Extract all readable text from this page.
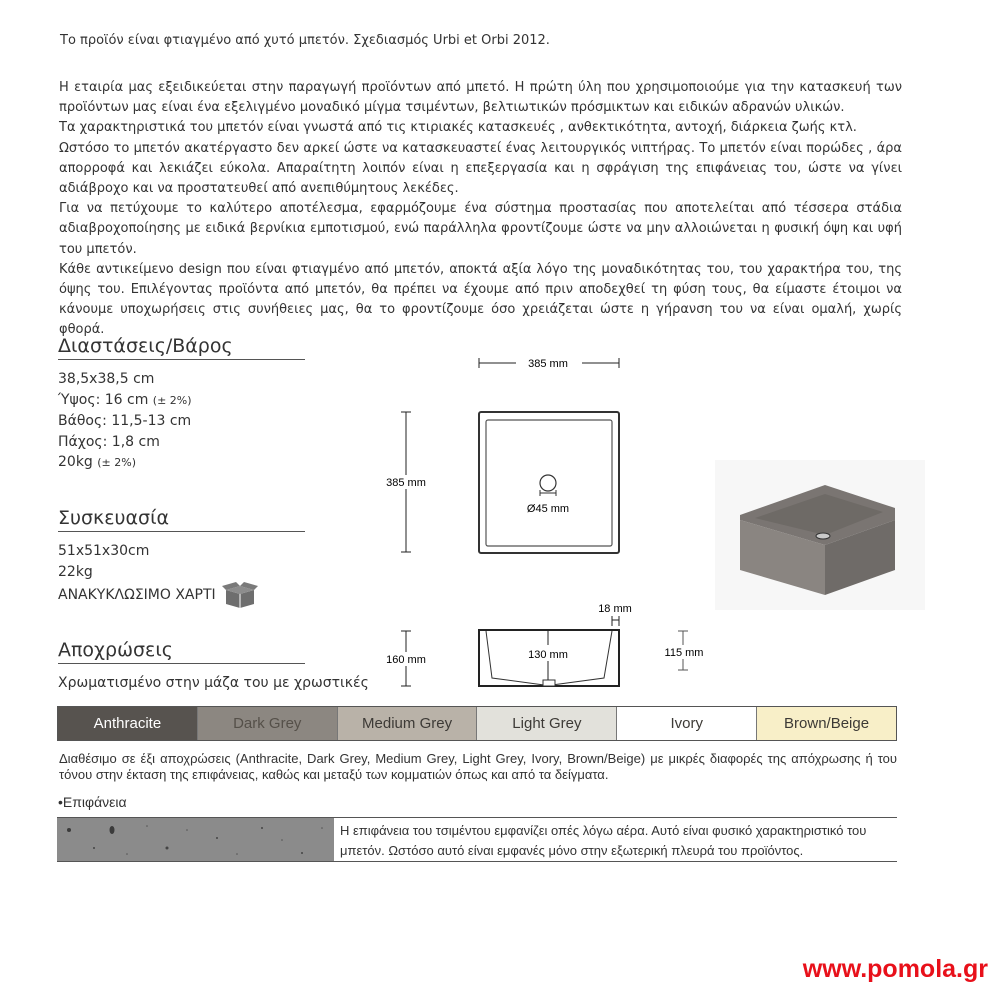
Το προϊόν είναι φτιαγμένο από χυτό μπετόν. Σχεδιασμός Urbi et Orbi 2012.

Η εταιρία μας εξειδικεύεται στην παραγωγή προϊόντων από μπετό. Η πρώτη ύλη που χρησιμοποιούμε για την κατασκευή των προϊόντων μας είναι ένα εξελιγμένο μοναδικό μίγμα τσιμέντων, βελτιωτικών πρόσμικτων και ειδικών αδρανών υλικών.

Τα χαρακτηριστικά του μπετόν είναι γνωστά από τις κτιριακές κατασκευές , ανθεκτικότητα, αντοχή, διάρκεια ζωής κτλ.

Ωστόσο το μπετόν ακατέργαστο δεν αρκεί ώστε να κατασκευαστεί ένας λειτουργικός νιπτήρας. Το μπετόν είναι πορώδες , άρα απορροφά και λεκιάζει εύκολα. Απαραίτητη λοιπόν είναι η επεξεργασία και η σφράγιση της επιφάνειας του, ώστε να γίνει αδιάβροχο και να προστατευθεί από ανεπιθύμητους λεκέδες.

Για να πετύχουμε το καλύτερο αποτέλεσμα, εφαρμόζουμε ένα σύστημα προστασίας που αποτελείται από τέσσερα στάδια αδιαβροχοποίησης με ειδικά βερνίκια εμποτισμού, ενώ παράλληλα φροντίζουμε ώστε να μην αλλοιώνεται η φυσική όψη και υφή του μπετόν.

Κάθε αντικείμενο design που είναι φτιαγμένο από μπετόν, αποκτά αξία λόγο της μοναδικότητας του, του χαρακτήρα του, της όψης του. Επιλέγοντας προϊόντα από μπετόν, θα πρέπει να έχουμε από πριν αποδεχθεί τη φύση τους, θα είμαστε έτοιμοι να κάνουμε υποχωρήσεις στις συνήθειες μας, θα το φροντίζουμε όσο χρειάζεται ώστε η γήρανση του να είναι ομαλή, χωρίς φθορά.

Διαστάσεις/Βάρος
38,5x38,5 cm
Ύψος: 16 cm (± 2%)
Βάθος: 11,5-13 cm
Πάχος: 1,8 cm
20kg (± 2%)
Συσκευασία
51x51x30cm
22kg
ΑΝΑΚΥΚΛΩΣΙΜΟ ΧΑΡΤΙ
Αποχρώσεις
Χρωματισμένο στην μάζα του με χρωστικές
Anthracite	Dark Grey	Medium Grey	Light Grey	Ivory	Brown/Beige
Διαθέσιμο σε έξι αποχρώσεις (Anthracite, Dark Grey, Medium Grey, Light Grey, Ivory, Brown/Beige) με μικρές διαφορές της απόχρωσης ή του τόνου στην έκταση της επιφάνειας, καθώς και μεταξύ των κομματιών όπως και από τα δείγματα.
•Επιφάνεια
Η επιφάνεια του τσιμέντου εμφανίζει οπές λόγω αέρα. Αυτό είναι φυσικό χαρακτηριστικό του μπετόν. Ωστόσο αυτό είναι εμφανές μόνο στην εξωτερική πλευρά του προϊόντος.
385 mm
385 mm
Ø45 mm
130 mm
18 mm
160 mm
115 mm
www.pomola.gr
